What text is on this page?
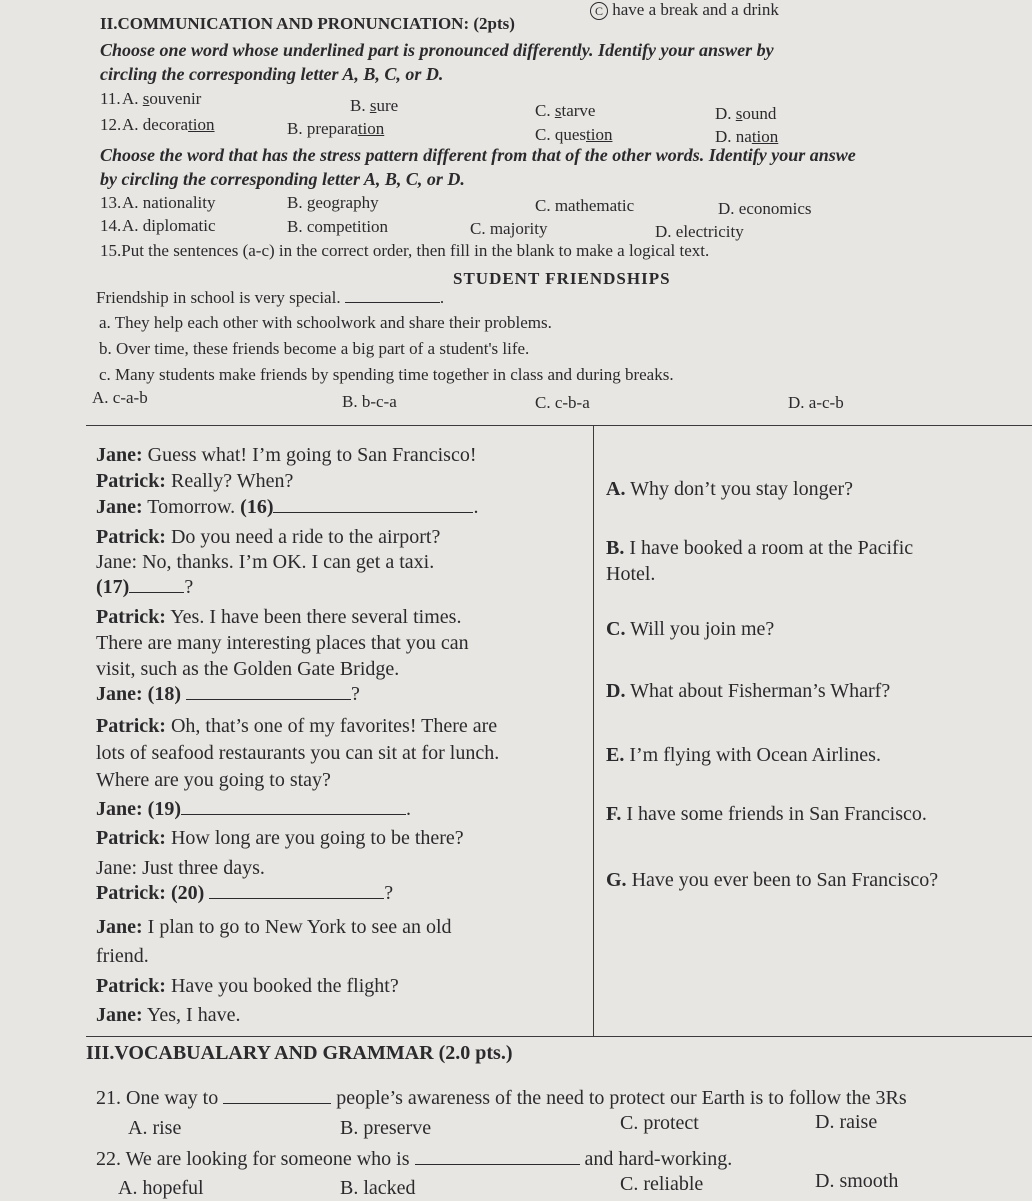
C have a break and a drink
II.COMMUNICATION AND PRONUNCIATION: (2pts)
Choose one word whose underlined part is pronounced differently. Identify your answer by
circling the corresponding letter A, B, C, or D.
11. A. souvenir	B. sure	C. starve	D. sound
12. A. decoration	B. preparation	C. question	D. nation
Choose the word that has the stress pattern different from that of the other words. Identify your answe
by circling the corresponding letter A, B, C, or D.
13. A. nationality	B. geography	C. mathematic	D. economics
14. A. diplomatic	B. competition	C. majority	D. electricity
15.Put the sentences (a-c) in the correct order, then fill in the blank to make a logical text.
STUDENT FRIENDSHIPS
Friendship in school is very special.	.
a. They help each other with schoolwork and share their problems.
b. Over time, these friends become a big part of a student's life.
c. Many students make friends by spending time together in class and during breaks.
A. c-a-b	B. b-c-a	C. c-b-a	D. a-c-b
Jane: Guess what! I’m going to San Francisco!
Patrick: Really? When?
Jane: Tomorrow. (16)	.
Patrick: Do you need a ride to the airport?
Jane: No, thanks. I’m OK. I can get a taxi.
(17)	?
Patrick: Yes. I have been there several times.
There are many interesting places that you can
visit, such as the Golden Gate Bridge.
Jane: (18)	?
Patrick: Oh, that’s one of my favorites! There are
lots of seafood restaurants you can sit at for lunch.
Where are you going to stay?
Jane: (19)	.
Patrick: How long are you going to be there?
Jane: Just three days.
Patrick: (20)	?
Jane: I plan to go to New York to see an old
friend.
Patrick: Have you booked the flight?
Jane: Yes, I have.
A. Why don’t you stay longer?
B. I have booked a room at the Pacific
Hotel.
C. Will you join me?
D. What about Fisherman’s Wharf?
E. I’m flying with Ocean Airlines.
F. I have some friends in San Francisco.
G. Have you ever been to San Francisco?
III.VOCABUALARY AND GRAMMAR (2.0 pts.)
21. One way to	people’s awareness of the need to protect our Earth is to follow the 3Rs
A. rise	B. preserve	C. protect	D. raise
22. We are looking for someone who is	and hard-working.
A. hopeful	B. lacked	C. reliable	D. smooth
